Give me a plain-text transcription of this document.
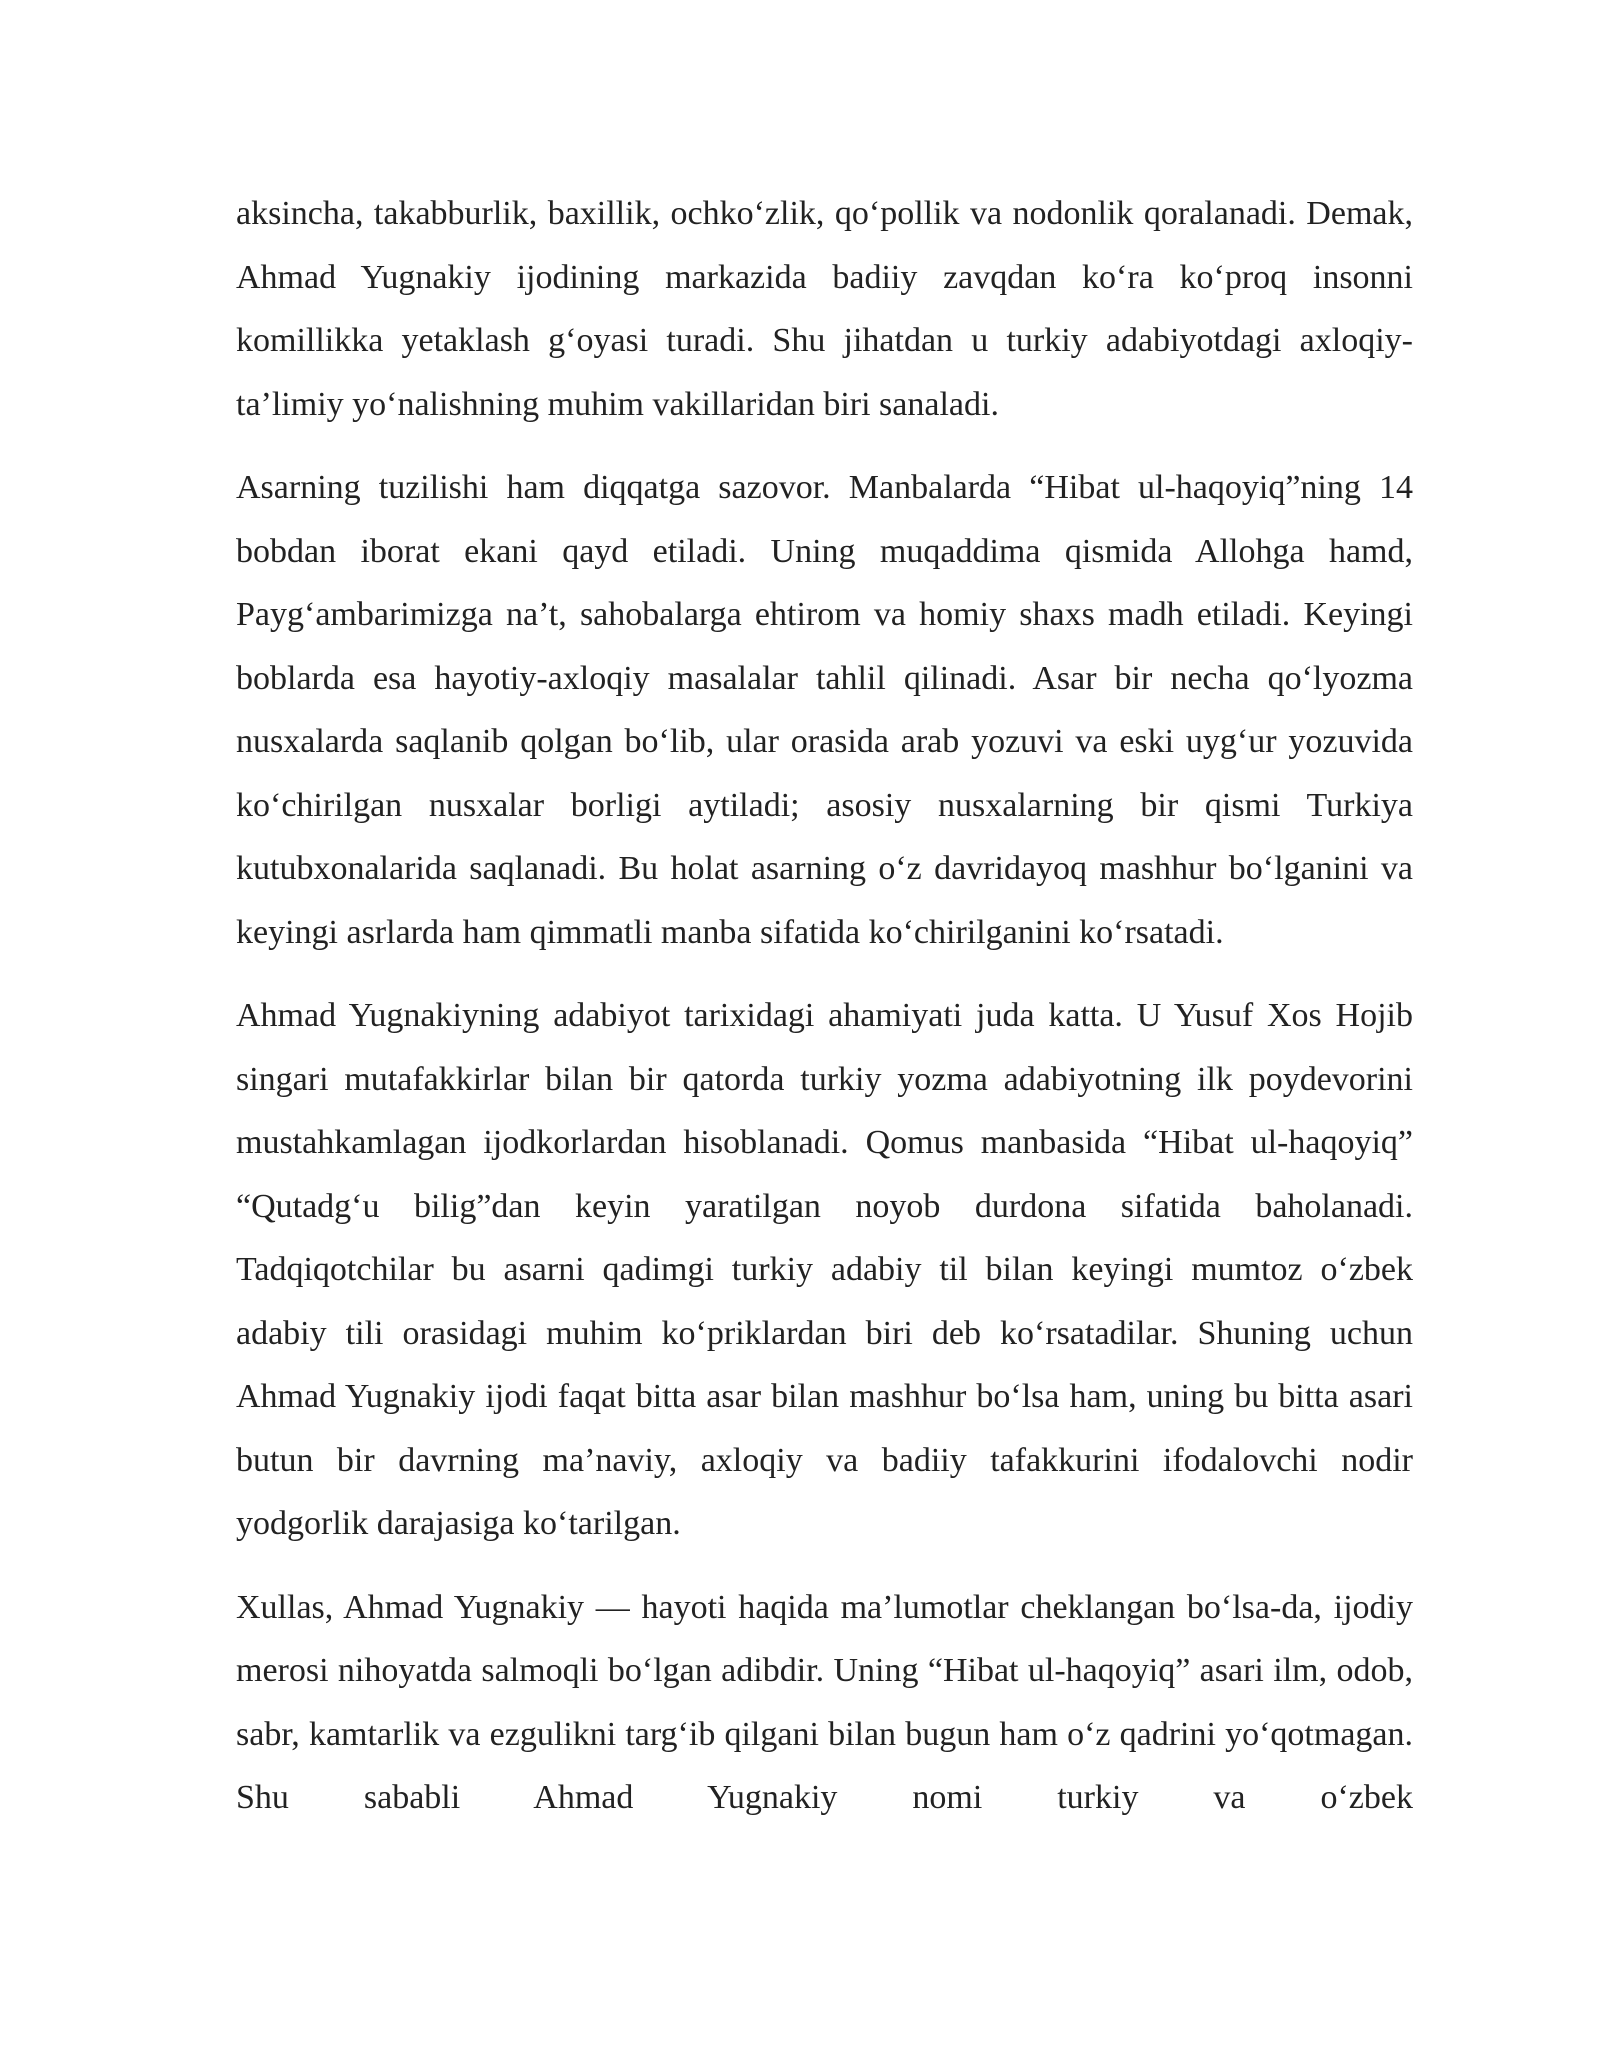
aksincha, takabburlik, baxillik, ochko‘zlik, qo‘pollik va nodonlik qoralanadi. Demak, Ahmad Yugnakiy ijodining markazida badiiy zavqdan ko‘ra ko‘proq insonni komillikka yetaklash g‘oyasi turadi. Shu jihatdan u turkiy adabiyotdagi axloqiy-ta’limiy yo‘nalishning muhim vakillaridan biri sanaladi.

Asarning tuzilishi ham diqqatga sazovor. Manbalarda “Hibat ul-haqoyiq”ning 14 bobdan iborat ekani qayd etiladi. Uning muqaddima qismida Allohga hamd, Payg‘ambarimizga na’t, sahobalarga ehtirom va homiy shaxs madh etiladi. Keyingi boblarda esa hayotiy-axloqiy masalalar tahlil qilinadi. Asar bir necha qo‘lyozma nusxalarda saqlanib qolgan bo‘lib, ular orasida arab yozuvi va eski uyg‘ur yozuvida ko‘chirilgan nusxalar borligi aytiladi; asosiy nusxalarning bir qismi Turkiya kutubxonalarida saqlanadi. Bu holat asarning o‘z davridayoq mashhur bo‘lganini va keyingi asrlarda ham qimmatli manba sifatida ko‘chirilganini ko‘rsatadi.

Ahmad Yugnakiyning adabiyot tarixidagi ahamiyati juda katta. U Yusuf Xos Hojib singari mutafakkirlar bilan bir qatorda turkiy yozma adabiyotning ilk poydevorini mustahkamlagan ijodkorlardan hisoblanadi. Qomus manbasida “Hibat ul-haqoyiq” “Qutadg‘u bilig”dan keyin yaratilgan noyob durdona sifatida baholanadi. Tadqiqotchilar bu asarni qadimgi turkiy adabiy til bilan keyingi mumtoz o‘zbek adabiy tili orasidagi muhim ko‘priklardan biri deb ko‘rsatadilar. Shuning uchun Ahmad Yugnakiy ijodi faqat bitta asar bilan mashhur bo‘lsa ham, uning bu bitta asari butun bir davrning ma’naviy, axloqiy va badiiy tafakkurini ifodalovchi nodir yodgorlik darajasiga ko‘tarilgan.

Xullas, Ahmad Yugnakiy — hayoti haqida ma’lumotlar cheklangan bo‘lsa-da, ijodiy merosi nihoyatda salmoqli bo‘lgan adibdir. Uning “Hibat ul-haqoyiq” asari ilm, odob, sabr, kamtarlik va ezgulikni targ‘ib qilgani bilan bugun ham o‘z qadrini yo‘qotmagan. Shu sababli Ahmad Yugnakiy nomi turkiy va o‘zbek
